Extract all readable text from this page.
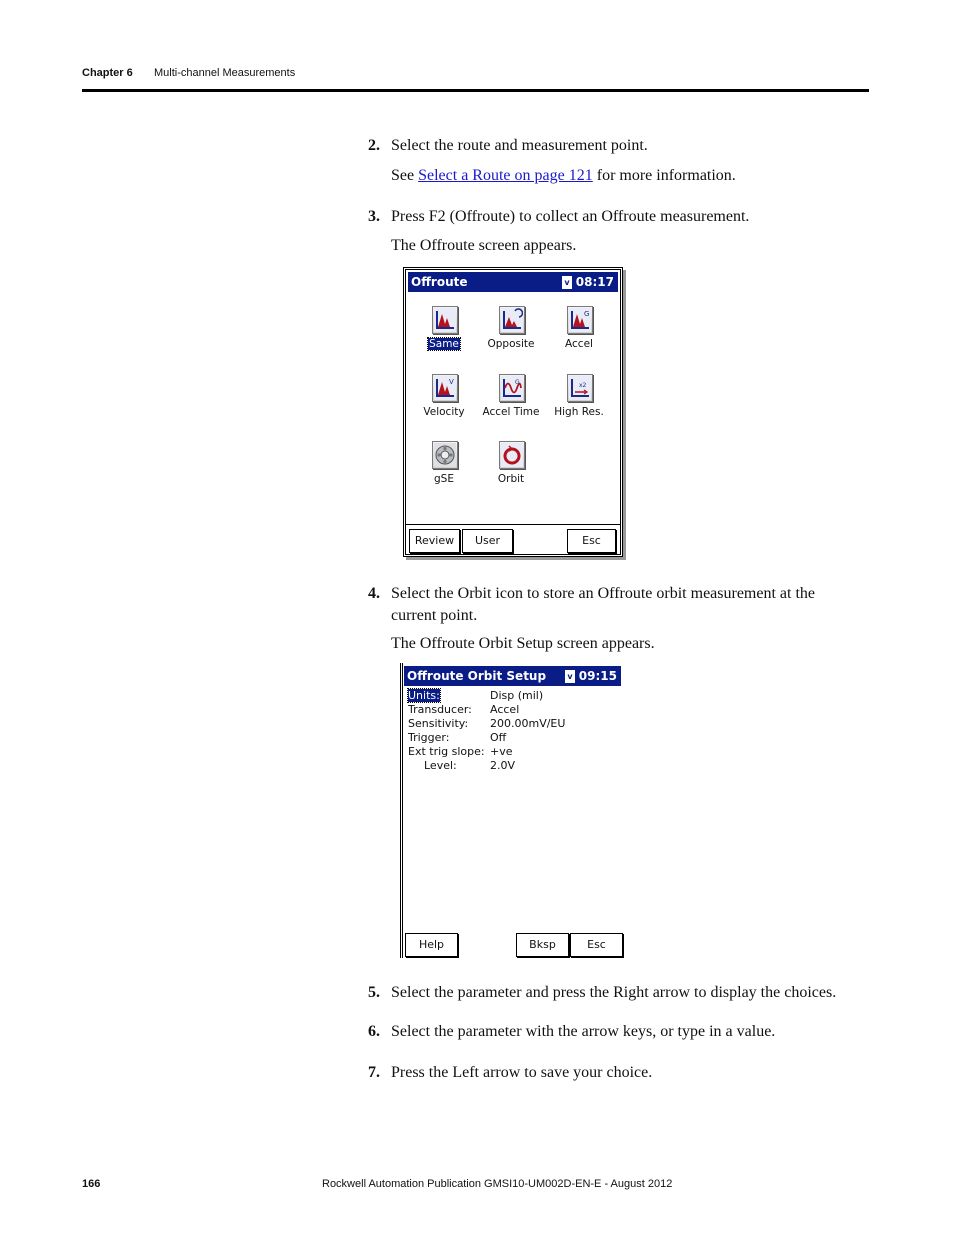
Chapter 6 Multi-channel Measurements
2. Select the route and measurement point.
See Select a Route on page 121 for more information.
3. Press F2 (Offroute) to collect an Offroute measurement.
The Offroute screen appears.
Offroute	v 08:17
Same	Opposite
G
Accel
V
Velocity
G
Accel Time
x2
High Res.
gSE	Orbit
Review	User	Esc
4. Select the Orbit icon to store an Offroute orbit measurement at the current point.
The Offroute Orbit Setup screen appears.
Offroute Orbit Setup	v 09:15
Units:	Disp (mil)
Transducer: Accel
Sensitivity: 200.00mV/EU
Trigger:	Off
Ext trig slope: +ve
Level:	2.0V
Help	Bksp	Esc
5. Select the parameter and press the Right arrow to display the choices.
6. Select the parameter with the arrow keys, or type in a value.
7. Press the Left arrow to save your choice.
166	Rockwell Automation Publication GMSI10-UM002D-EN-E - August 2012
